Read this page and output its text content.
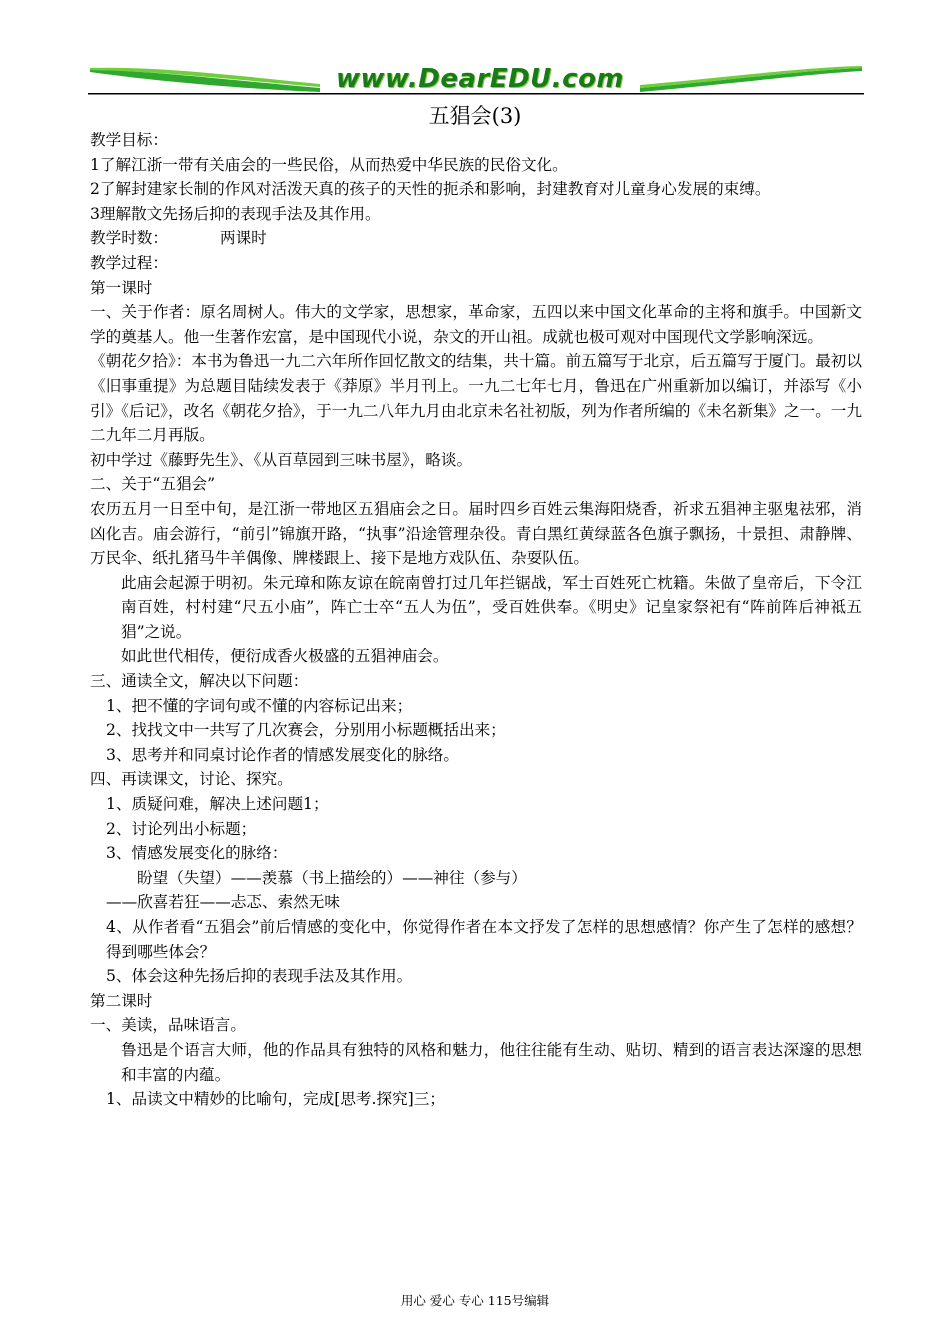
www.DearEDU.com
五猖会(3)

教学目标：

1了解江浙一带有关庙会的一些民俗，从而热爱中华民族的民俗文化。

2了解封建家长制的作风对活泼天真的孩子的天性的扼杀和影响，封建教育对儿童身心发展的束缚。

3理解散文先扬后抑的表现手法及其作用。

教学时数：	两课时

教学过程：

第一课时

一、关于作者：原名周树人。伟大的文学家，思想家，革命家，五四以来中国文化革命的主将和旗手。中国新文学的奠基人。他一生著作宏富，是中国现代小说，杂文的开山祖。成就也极可观对中国现代文学影响深远。

《朝花夕拾》：本书为鲁迅一九二六年所作回忆散文的结集，共十篇。前五篇写于北京，后五篇写于厦门。最初以《旧事重提》为总题目陆续发表于《莽原》半月刊上。一九二七年七月，鲁迅在广州重新加以编订，并添写《小引》《后记》，改名《朝花夕拾》，于一九二八年九月由北京未名社初版，列为作者所编的《未名新集》之一。一九二九年二月再版。

初中学过《藤野先生》、《从百草园到三味书屋》，略谈。

二、关于“五猖会”

农历五月一日至中旬，是江浙一带地区五猖庙会之日。届时四乡百姓云集海阳烧香，祈求五猖神主驱鬼祛邪，消凶化吉。庙会游行，“前引”锦旗开路，“执事”沿途管理杂役。青白黑红黄绿蓝各色旗子飘扬，十景担、肃静牌、万民伞、纸扎猪马牛羊偶像、牌楼跟上、接下是地方戏队伍、杂耍队伍。

此庙会起源于明初。朱元璋和陈友谅在皖南曾打过几年拦锯战，军士百姓死亡枕籍。朱做了皇帝后，下令江南百姓，村村建“尺五小庙”，阵亡士卒“五人为伍”，受百姓供奉。《明史》记皇家祭祀有“阵前阵后神祗五猖”之说。

如此世代相传，便衍成香火极盛的五猖神庙会。

三、通读全文，解决以下问题：

1、把不懂的字词句或不懂的内容标记出来；

2、找找文中一共写了几次赛会，分别用小标题概括出来；

3、思考并和同桌讨论作者的情感发展变化的脉络。

四、再读课文，讨论、探究。

1、质疑问难，解决上述问题1；

2、讨论列出小标题；

3、情感发展变化的脉络：

盼望（失望）——羡慕（书上描绘的）——神往（参与）

——欣喜若狂——忐忑、索然无味

4、从作者看“五猖会”前后情感的变化中，你觉得作者在本文抒发了怎样的思想感情？你产生了怎样的感想？得到哪些体会？

5、体会这种先扬后抑的表现手法及其作用。

第二课时

一、美读，品味语言。

鲁迅是个语言大师，他的作品具有独特的风格和魅力，他往往能有生动、贴切、精到的语言表达深邃的思想和丰富的内蕴。

1、品读文中精妙的比喻句，完成[思考.探究]三；

用心 爱心 专心 115号编辑
